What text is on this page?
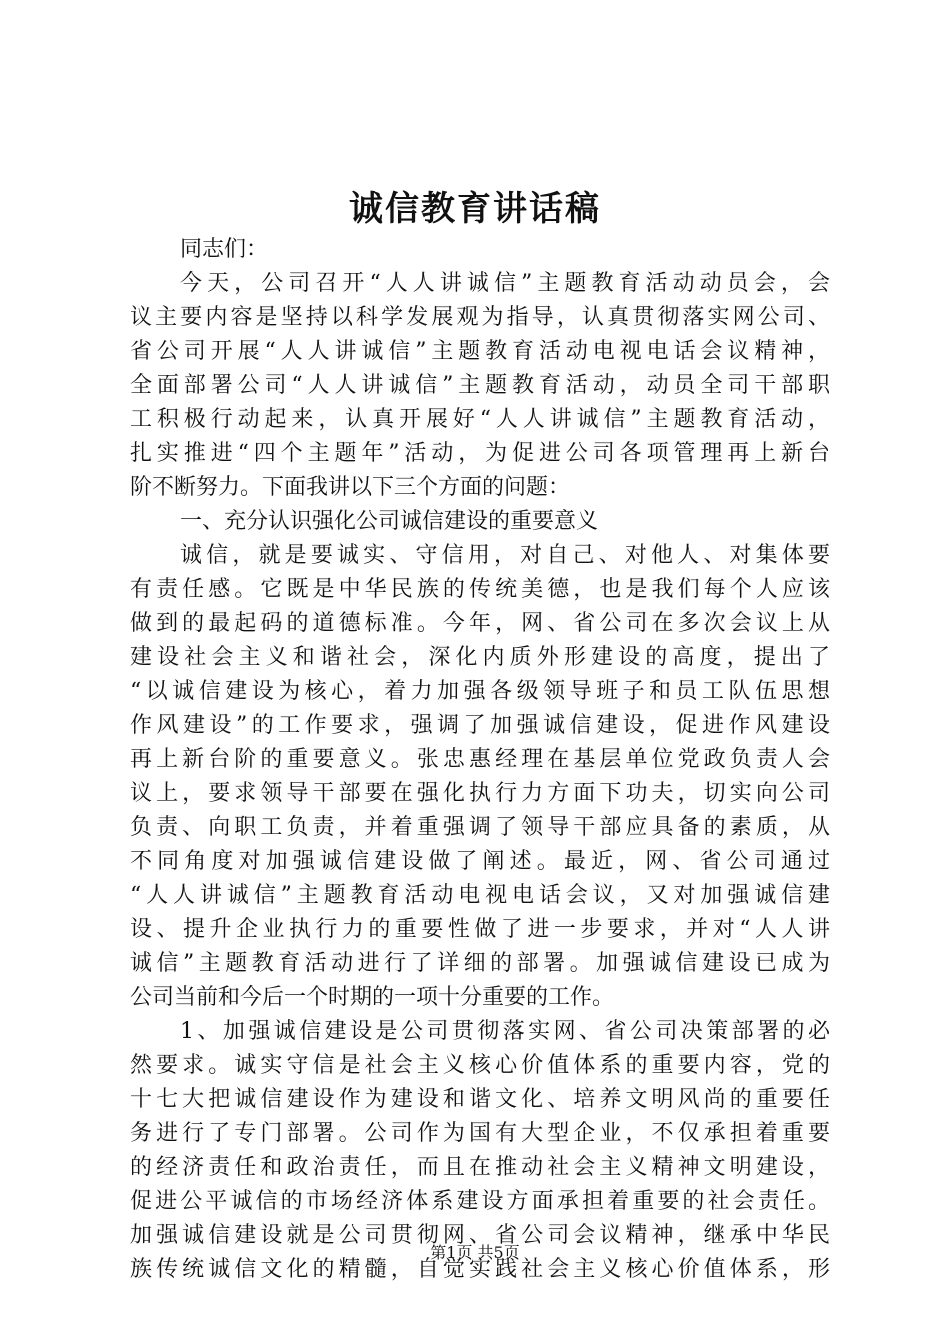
诚信教育讲话稿
同志们：
今天，公司召开“人人讲诚信”主题教育活动动员会，会
议主要内容是坚持以科学发展观为指导，认真贯彻落实网公司、
省公司开展“人人讲诚信”主题教育活动电视电话会议精神，
全面部署公司“人人讲诚信”主题教育活动，动员全司干部职
工积极行动起来，认真开展好“人人讲诚信”主题教育活动，
扎实推进“四个主题年”活动，为促进公司各项管理再上新台
阶不断努力。下面我讲以下三个方面的问题：
一、充分认识强化公司诚信建设的重要意义
诚信，就是要诚实、守信用，对自己、对他人、对集体要
有责任感。它既是中华民族的传统美德，也是我们每个人应该
做到的最起码的道德标准。今年，网、省公司在多次会议上从
建设社会主义和谐社会，深化内质外形建设的高度，提出了
“以诚信建设为核心，着力加强各级领导班子和员工队伍思想
作风建设”的工作要求，强调了加强诚信建设，促进作风建设
再上新台阶的重要意义。张忠惠经理在基层单位党政负责人会
议上，要求领导干部要在强化执行力方面下功夫，切实向公司
负责、向职工负责，并着重强调了领导干部应具备的素质，从
不同角度对加强诚信建设做了阐述。最近，网、省公司通过
“人人讲诚信”主题教育活动电视电话会议，又对加强诚信建
设、提升企业执行力的重要性做了进一步要求，并对“人人讲
诚信”主题教育活动进行了详细的部署。加强诚信建设已成为
公司当前和今后一个时期的一项十分重要的工作。
1、加强诚信建设是公司贯彻落实网、省公司决策部署的必
然要求。诚实守信是社会主义核心价值体系的重要内容，党的
十七大把诚信建设作为建设和谐文化、培养文明风尚的重要任
务进行了专门部署。公司作为国有大型企业，不仅承担着重要
的经济责任和政治责任，而且在推动社会主义精神文明建设，
促进公平诚信的市场经济体系建设方面承担着重要的社会责任。
加强诚信建设就是公司贯彻网、省公司会议精神，继承中华民
族传统诚信文化的精髓，自觉实践社会主义核心价值体系，形
第1页 共5页
